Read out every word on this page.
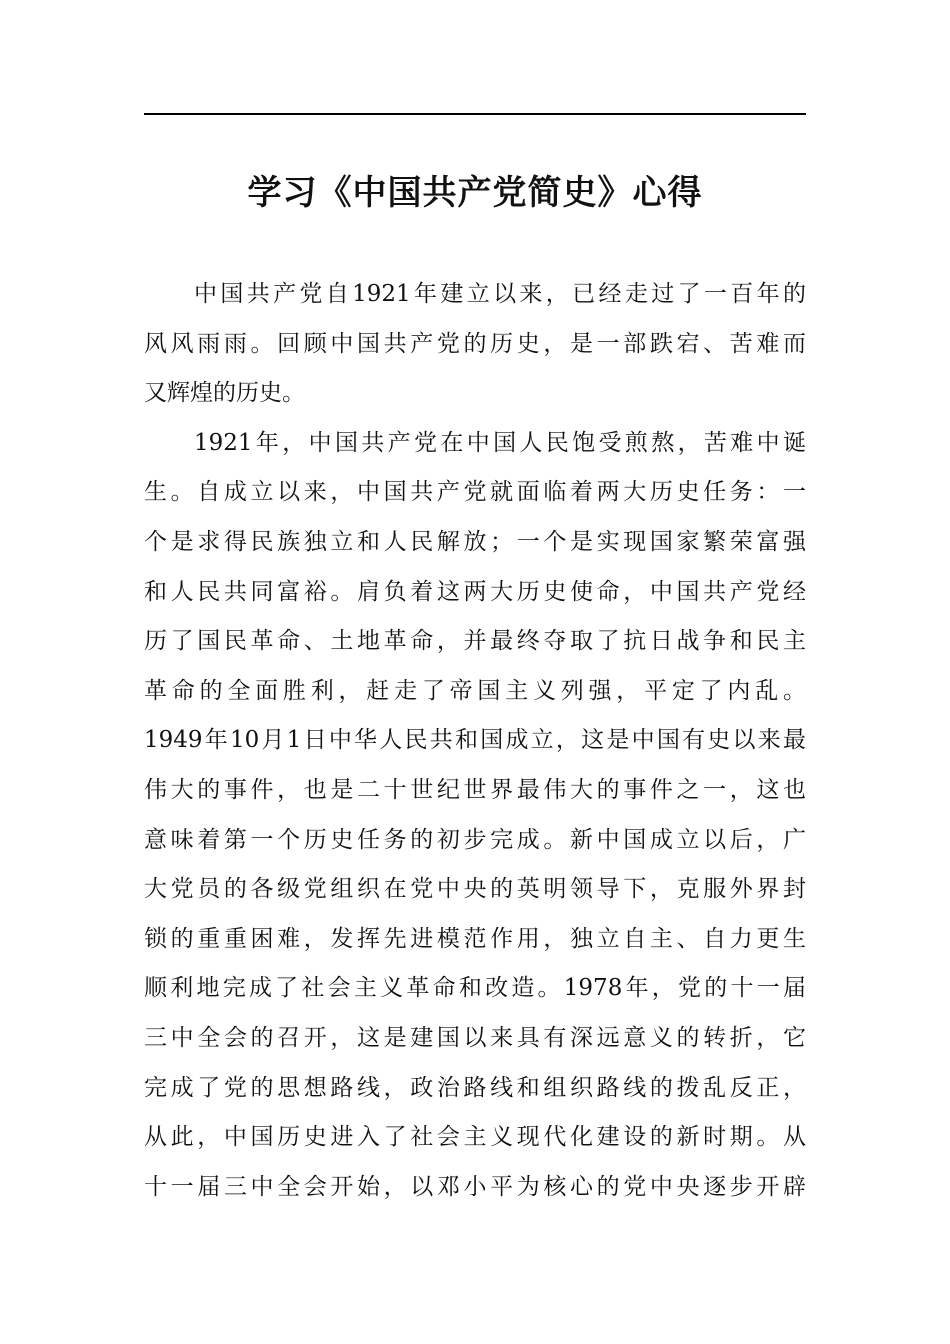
学习《中国共产党简史》心得
中国共产党自1921年建立以来，已经走过了一百年的
风风雨雨。回顾中国共产党的历史，是一部跌宕、苦难而
又辉煌的历史。
1921年，中国共产党在中国人民饱受煎熬，苦难中诞
生。自成立以来，中国共产党就面临着两大历史任务：一
个是求得民族独立和人民解放；一个是实现国家繁荣富强
和人民共同富裕。肩负着这两大历史使命，中国共产党经
历了国民革命、土地革命，并最终夺取了抗日战争和民主
革命的全面胜利，赶走了帝国主义列强，平定了内乱。
1949年10月1日中华人民共和国成立，这是中国有史以来最
伟大的事件，也是二十世纪世界最伟大的事件之一，这也
意味着第一个历史任务的初步完成。新中国成立以后，广
大党员的各级党组织在党中央的英明领导下，克服外界封
锁的重重困难，发挥先进模范作用，独立自主、自力更生
顺利地完成了社会主义革命和改造。1978年，党的十一届
三中全会的召开，这是建国以来具有深远意义的转折，它
完成了党的思想路线，政治路线和组织路线的拨乱反正，
从此，中国历史进入了社会主义现代化建设的新时期。从
十一届三中全会开始，以邓小平为核心的党中央逐步开辟
